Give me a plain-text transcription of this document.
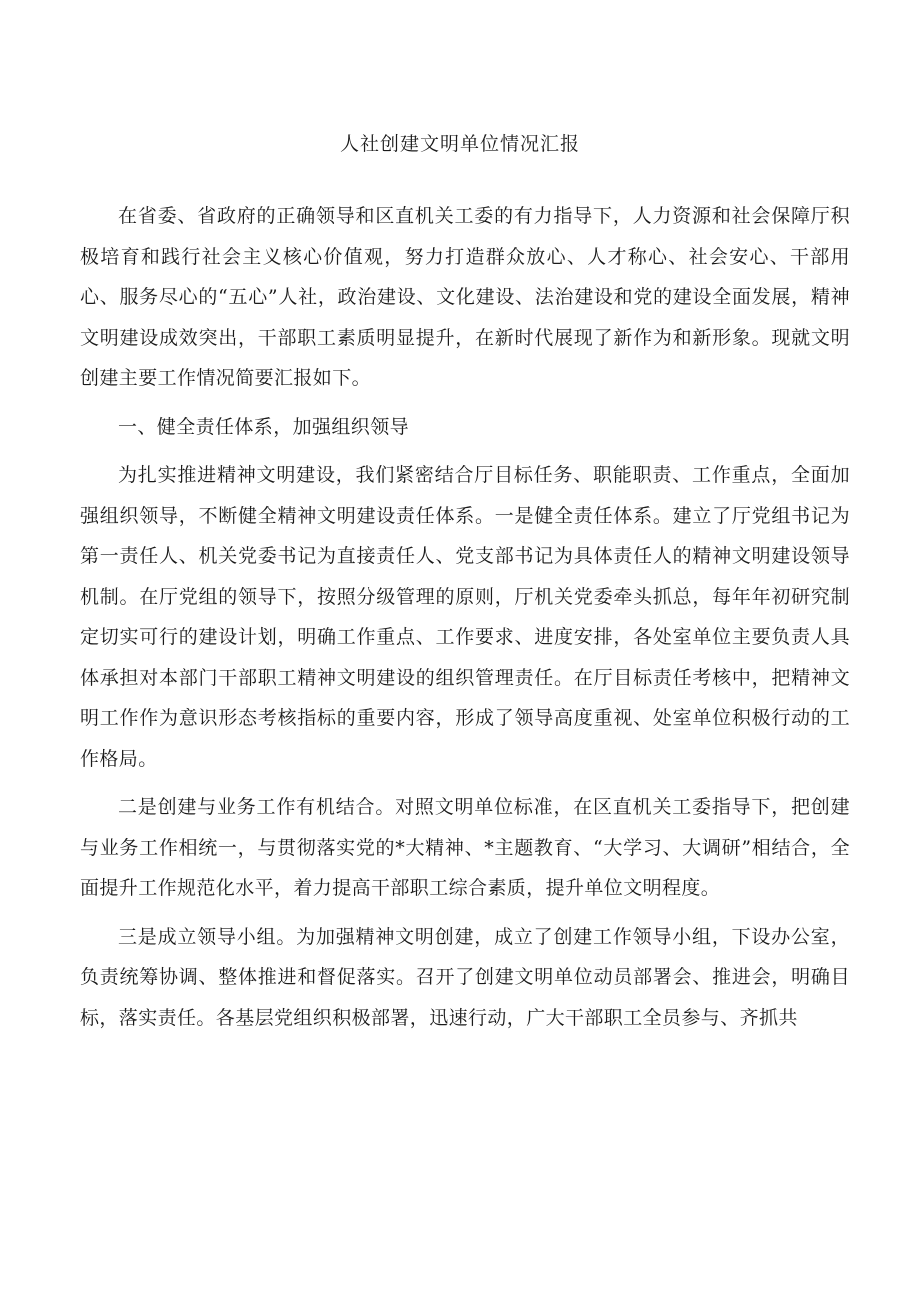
人社创建文明单位情况汇报

在省委、省政府的正确领导和区直机关工委的有力指导下，人力资源和社会保障厅积极培育和践行社会主义核心价值观，努力打造群众放心、人才称心、社会安心、干部用心、服务尽心的“五心”人社，政治建设、文化建设、法治建设和党的建设全面发展，精神文明建设成效突出，干部职工素质明显提升，在新时代展现了新作为和新形象。现就文明创建主要工作情况简要汇报如下。

一、健全责任体系，加强组织领导

为扎实推进精神文明建设，我们紧密结合厅目标任务、职能职责、工作重点，全面加强组织领导，不断健全精神文明建设责任体系。一是健全责任体系。建立了厅党组书记为第一责任人、机关党委书记为直接责任人、党支部书记为具体责任人的精神文明建设领导机制。在厅党组的领导下，按照分级管理的原则，厅机关党委牵头抓总，每年年初研究制定切实可行的建设计划，明确工作重点、工作要求、进度安排，各处室单位主要负责人具体承担对本部门干部职工精神文明建设的组织管理责任。在厅目标责任考核中，把精神文明工作作为意识形态考核指标的重要内容，形成了领导高度重视、处室单位积极行动的工作格局。

二是创建与业务工作有机结合。对照文明单位标准，在区直机关工委指导下，把创建与业务工作相统一，与贯彻落实党的*大精神、*主题教育、“大学习、大调研”相结合，全面提升工作规范化水平，着力提高干部职工综合素质，提升单位文明程度。

三是成立领导小组。为加强精神文明创建，成立了创建工作领导小组，下设办公室，负责统筹协调、整体推进和督促落实。召开了创建文明单位动员部署会、推进会，明确目标，落实责任。各基层党组织积极部署，迅速行动，广大干部职工全员参与、齐抓共
